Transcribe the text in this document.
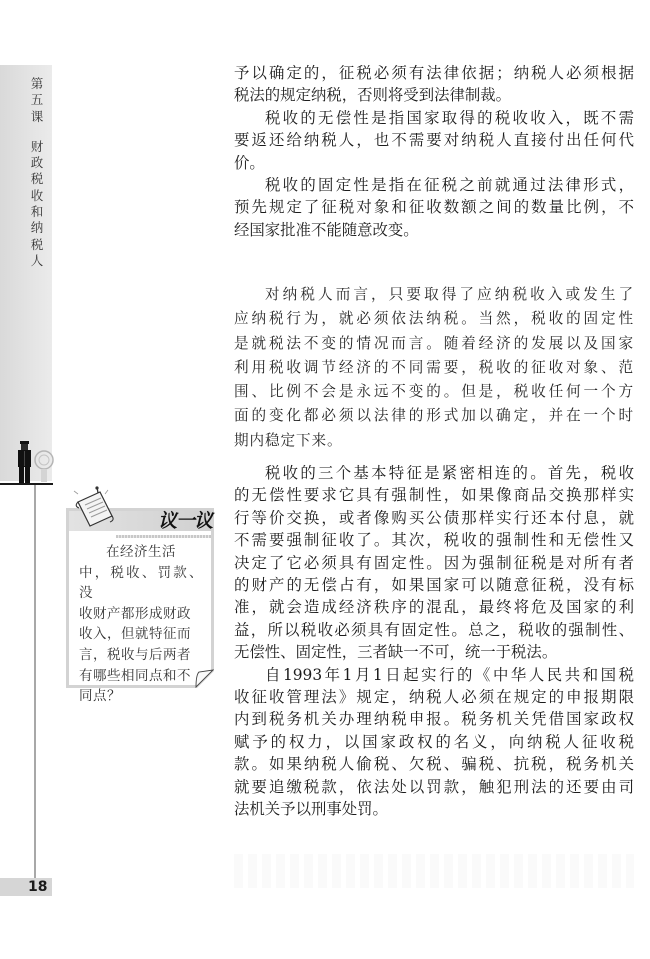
第五课
财政税收和纳税人
18
议一议
在经济生活
中，税收、罚款、没
收财产都形成财政
收入，但就特征而
言，税收与后两者
有哪些相同点和不
同点？
予以确定的，征税必须有法律依据；纳税人必须根据
税法的规定纳税，否则将受到法律制裁。
税收的无偿性是指国家取得的税收收入，既不需
要返还给纳税人，也不需要对纳税人直接付出任何代
价。
税收的固定性是指在征税之前就通过法律形式，
预先规定了征税对象和征收数额之间的数量比例，不
经国家批准不能随意改变。
对纳税人而言，只要取得了应纳税收入或发生了
应纳税行为，就必须依法纳税。当然，税收的固定性
是就税法不变的情况而言。随着经济的发展以及国家
利用税收调节经济的不同需要，税收的征收对象、范
围、比例不会是永远不变的。但是，税收任何一个方
面的变化都必须以法律的形式加以确定，并在一个时
期内稳定下来。
税收的三个基本特征是紧密相连的。首先，税收
的无偿性要求它具有强制性，如果像商品交换那样实
行等价交换，或者像购买公债那样实行还本付息，就
不需要强制征收了。其次，税收的强制性和无偿性又
决定了它必须具有固定性。因为强制征税是对所有者
的财产的无偿占有，如果国家可以随意征税，没有标
准，就会造成经济秩序的混乱，最终将危及国家的利
益，所以税收必须具有固定性。总之，税收的强制性、
无偿性、固定性，三者缺一不可，统一于税法。
自1993年1月1日起实行的《中华人民共和国税
收征收管理法》规定，纳税人必须在规定的申报期限
内到税务机关办理纳税申报。税务机关凭借国家政权
赋予的权力，以国家政权的名义，向纳税人征收税
款。如果纳税人偷税、欠税、骗税、抗税，税务机关
就要追缴税款，依法处以罚款，触犯刑法的还要由司
法机关予以刑事处罚。
